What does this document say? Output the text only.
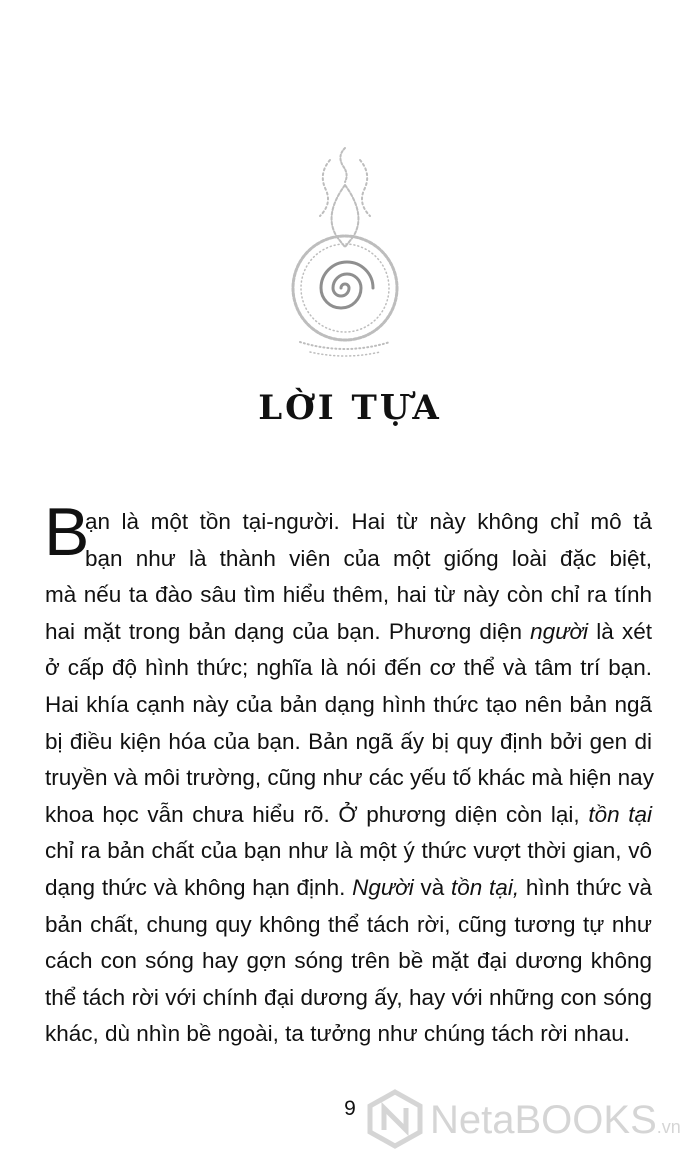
LỜI TỰA
B
ạn là một tồn tại-người. Hai từ này không chỉ mô tả
bạn như là thành viên của một giống loài đặc biệt,
mà nếu ta đào sâu tìm hiểu thêm, hai từ này còn chỉ ra tính
hai mặt trong bản dạng của bạn. Phương diện người là xét
ở cấp độ hình thức; nghĩa là nói đến cơ thể và tâm trí bạn.
Hai khía cạnh này của bản dạng hình thức tạo nên bản ngã
bị điều kiện hóa của bạn. Bản ngã ấy bị quy định bởi gen di
truyền và môi trường, cũng như các yếu tố khác mà hiện nay
khoa học vẫn chưa hiểu rõ. Ở phương diện còn lại, tồn tại
chỉ ra bản chất của bạn như là một ý thức vượt thời gian, vô
dạng thức và không hạn định. Người và tồn tại, hình thức và
bản chất, chung quy không thể tách rời, cũng tương tự như
cách con sóng hay gợn sóng trên bề mặt đại dương không
thể tách rời với chính đại dương ấy, hay với những con sóng
khác, dù nhìn bề ngoài, ta tưởng như chúng tách rời nhau.
9	NetaBOOKS.vn
